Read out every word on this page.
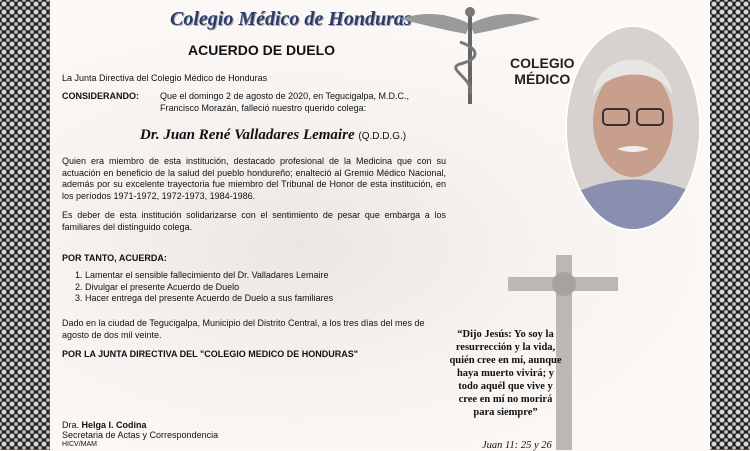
Colegio Médico de Honduras
ACUERDO DE DUELO
COLEGIO
MÉDICO
La Junta Directiva del Colegio Médico de Honduras
CONSIDERANDO: Que el domingo 2 de agosto de 2020, en Tegucigalpa, M.D.C., Francisco Morazán, falleció nuestro querido colega:
Dr. Juan René Valladares Lemaire (Q.D.D.G.)
Quien era miembro de esta institución, destacado profesional de la Medicina que con su actuación en beneficio de la salud del pueblo hondureño; enalteció al Gremio Médico Nacional, además por su excelente trayectoria fue miembro del Tribunal de Honor de esta institución, en los períodos 1971-1972, 1972-1973, 1984-1986.
Es deber de esta institución solidarizarse con el sentimiento de pesar que embarga a los familiares del distinguido colega.
POR TANTO, ACUERDA:
1. Lamentar el sensible fallecimiento del Dr. Valladares Lemaire
2. Divulgar el presente Acuerdo de Duelo
3. Hacer entrega del presente Acuerdo de Duelo a sus familiares
Dado en la ciudad de Tegucigalpa, Municipio del Distrito Central, a los tres días del mes de agosto de dos mil veinte.
POR LA JUNTA DIRECTIVA DEL "COLEGIO MEDICO DE HONDURAS"
Dra. Helga I. Codina
Secretaria de Actas y Correspondencia
HICV/MAM
“Dijo Jesús: Yo soy la resurrección y la vida, quién cree en mí, aunque haya muerto vivirá; y todo aquél que vive y cree en mí no morirá para siempre”
Juan 11: 25 y 26
